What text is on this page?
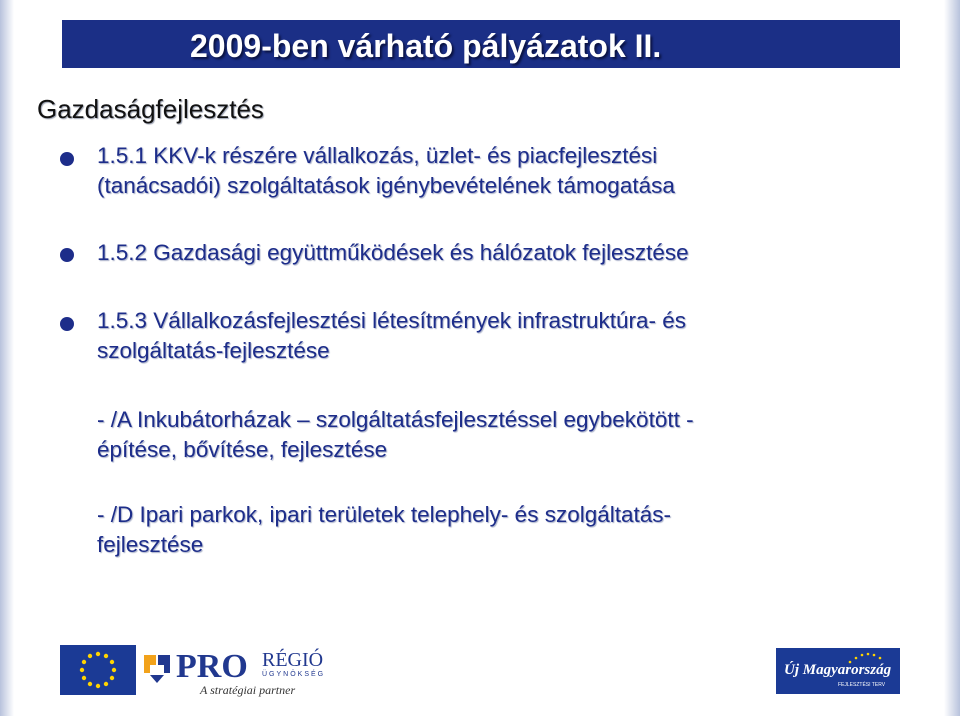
2009-ben várható pályázatok II.
Gazdaságfejlesztés
1.5.1 KKV-k részére vállalkozás, üzlet- és piacfejlesztési
(tanácsadói) szolgáltatások igénybevételének támogatása
1.5.2 Gazdasági együttműködések és hálózatok fejlesztése
1.5.3 Vállalkozásfejlesztési létesítmények infrastruktúra- és
szolgáltatás-fejlesztése
- /A Inkubátorházak – szolgáltatásfejlesztéssel egybekötött -
építése, bővítése, fejlesztése
- /D Ipari parkok, ipari területek telephely- és szolgáltatás-
fejlesztése
PRO RÉGIÓ
ÜGYNÖKSÉG
A stratégiai partner
Új Magyarország
FEJLESZTÉSI TERV
